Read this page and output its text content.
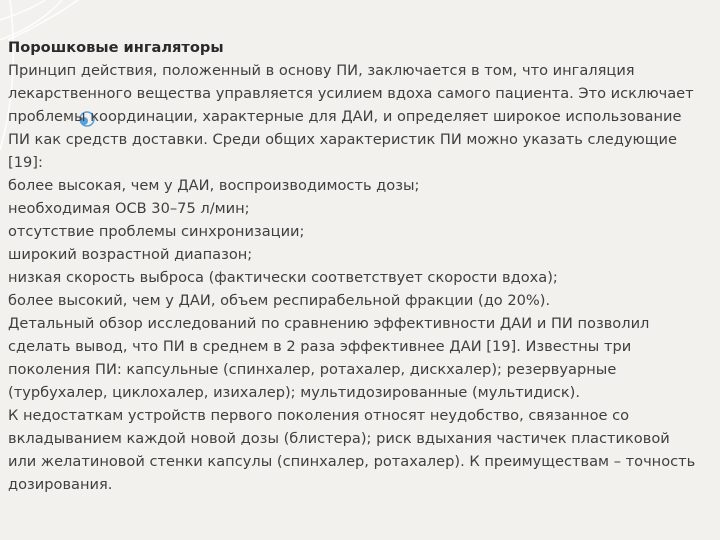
Порошковые ингаляторы
Принцип действия, положенный в основу ПИ, заключается в том, что ингаляция
лекарственного вещества управляется усилием вдоха самого пациента. Это исключает
проблемы координации, характерные для ДАИ, и определяет широкое использование
ПИ как средств доставки. Среди общих характеристик ПИ можно указать следующие
[19]:
более высокая, чем у ДАИ, воспроизводимость дозы;
необходимая ОСВ 30–75 л/мин;
отсутствие проблемы синхронизации;
широкий возрастной диапазон;
низкая скорость выброса (фактически соответствует скорости вдоха);
более высокий, чем у ДАИ, объем респирабельной фракции (до 20%).
Детальный обзор исследований по сравнению эффективности ДАИ и ПИ позволил
сделать вывод, что ПИ в среднем в 2 раза эффективнее ДАИ [19]. Известны три
поколения ПИ: капсульные (спинхалер, ротахалер, дискхалер); резервуарные
(турбухалер, циклохалер, изихалер); мультидозированные (мультидиск).
К недостаткам устройств первого поколения относят неудобство, связанное со
вкладыванием каждой новой дозы (блистера); риск вдыхания частичек пластиковой
или желатиновой стенки капсулы (спинхалер, ротахалер). К преимуществам – точность
дозирования.
